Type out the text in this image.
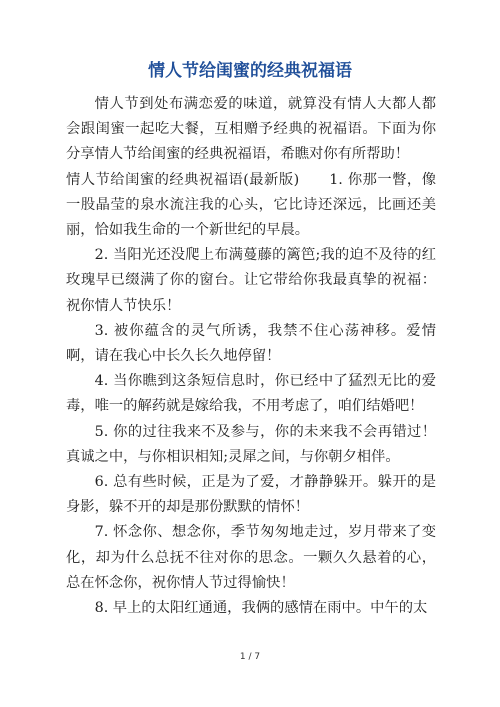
情人节给闺蜜的经典祝福语

情人节到处布满恋爱的味道，就算没有情人大都人都会跟闺蜜一起吃大餐，互相赠予经典的祝福语。下面为你分享情人节给闺蜜的经典祝福语，希瞧对你有所帮助！

情人节给闺蜜的经典祝福语(最新版)　　1. 你那一瞥，像一股晶莹的泉水流注我的心头，它比诗还深远，比画还美丽，恰如我生命的一个新世纪的早晨。

2. 当阳光还没爬上布满蔓藤的篱笆;我的迫不及待的红玫瑰早已缀满了你的窗台。让它带给你我最真挚的祝福：祝你情人节快乐！

3. 被你蕴含的灵气所诱，我禁不住心荡神移。爱情啊，请在我心中长久长久地停留！

4. 当你瞧到这条短信息时，你已经中了猛烈无比的爱毒，唯一的解药就是嫁给我，不用考虑了，咱们结婚吧！

5. 你的过往我来不及参与，你的未来我不会再错过！真诚之中，与你相识相知;灵犀之间，与你朝夕相伴。

6. 总有些时候，正是为了爱，才静静躲开。躲开的是身影，躲不开的却是那份默默的情怀！

7. 怀念你、想念你，季节匆匆地走过，岁月带来了变化，却为什么总抚不往对你的思念。一颗久久悬着的心，总在怀念你，祝你情人节过得愉快！

8. 早上的太阳红通通，我俩的感情在雨中。中午的太

1 / 7
